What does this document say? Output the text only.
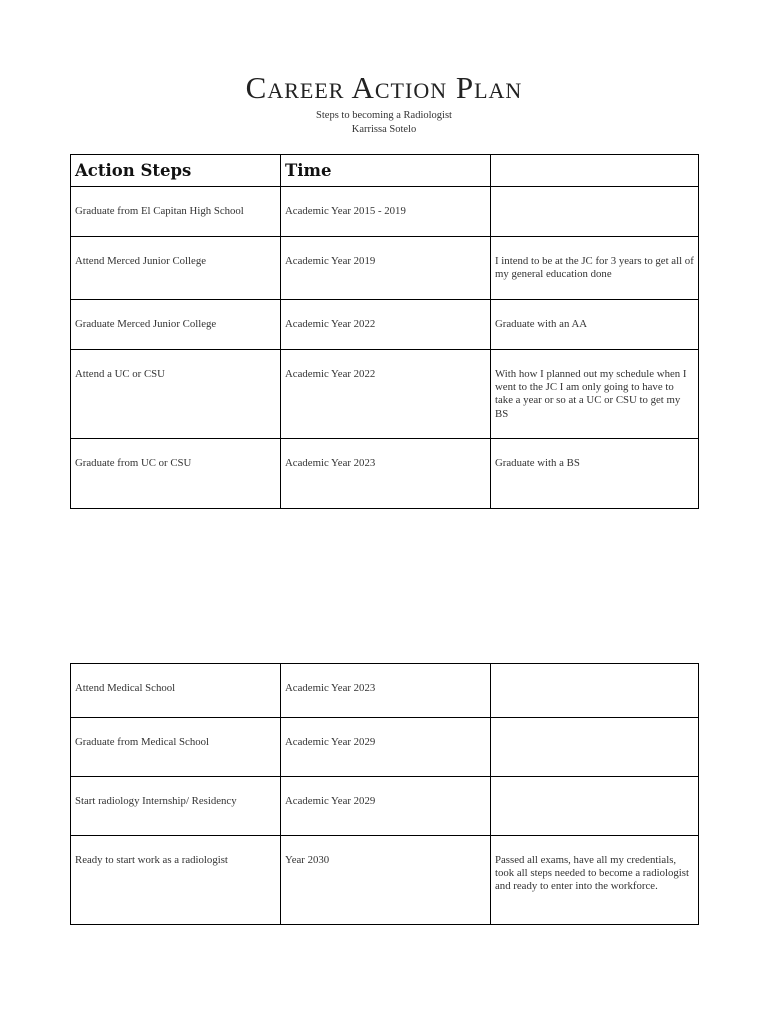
Career Action Plan
Steps to becoming a Radiologist
Karrissa Sotelo
Action Steps	Time	

Graduate from El Capitan High School	Academic Year 2015 - 2019	

Attend Merced Junior College	Academic Year 2019	I intend to be at the JC for 3 years to get all of my general education done

Graduate Merced Junior College	Academic Year 2022	Graduate with an AA

Attend a UC or CSU	Academic Year 2022	With how I planned out my schedule when I went to the JC I am only going to have to take a year or so at a UC or CSU to get my BS

Graduate from UC or CSU	Academic Year 2023	Graduate with a BS
Attend Medical School	Academic Year 2023	

Graduate from Medical School	Academic Year 2029	

Start radiology Internship/ Residency	Academic Year 2029	

Ready to start work as a radiologist	Year 2030	Passed all exams, have all my credentials, took all steps needed to become a radiologist and ready to enter into the workforce.
